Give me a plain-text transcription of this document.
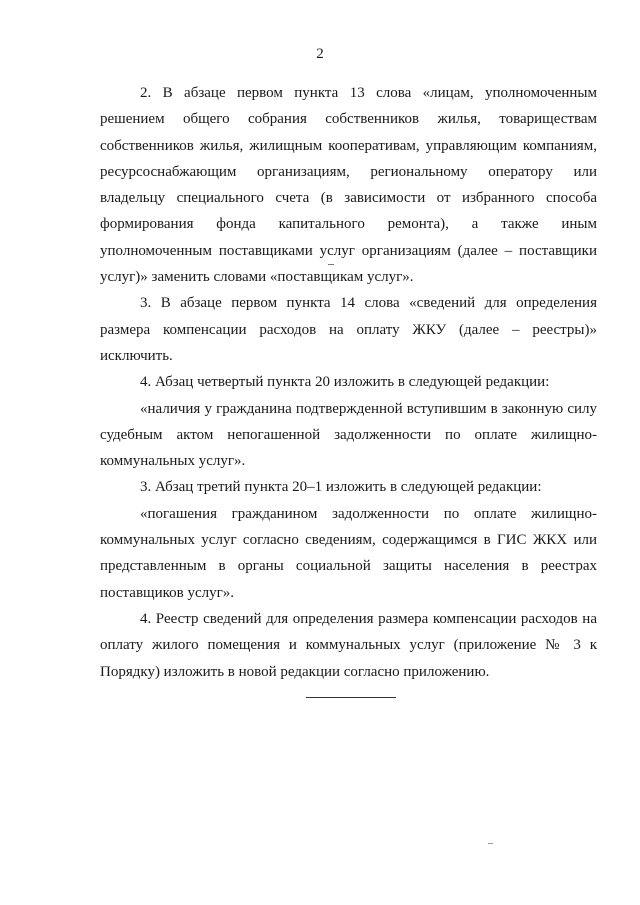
2

2. В абзаце первом пункта 13 слова «лицам, уполномоченным решением общего собрания собственников жилья, товариществам собственников жилья, жилищным кооперативам, управляющим компаниям, ресурсоснабжающим организациям, региональному оператору или владельцу специального счета (в зависимости от избранного способа формирования фонда капитального ремонта), а также иным уполномоченным поставщиками услуг организациям (далее – поставщики услуг)» заменить словами «поставщикам услуг».

3. В абзаце первом пункта 14 слова «сведений для определения размера компенсации расходов на оплату ЖКУ (далее – реестры)» исключить.

4. Абзац четвертый пункта 20 изложить в следующей редакции:

«наличия у гражданина подтвержденной вступившим в законную силу судебным актом непогашенной задолженности по оплате жилищно-коммунальных услуг».

3. Абзац третий пункта 20–1 изложить в следующей редакции:

«погашения гражданином задолженности по оплате жилищно-коммунальных услуг согласно сведениям, содержащимся в ГИС ЖКХ или представленным в органы социальной защиты населения в реестрах поставщиков услуг».

4. Реестр сведений для определения размера компенсации расходов на оплату жилого помещения и коммунальных услуг (приложение № 3 к Порядку) изложить в новой редакции согласно приложению.
